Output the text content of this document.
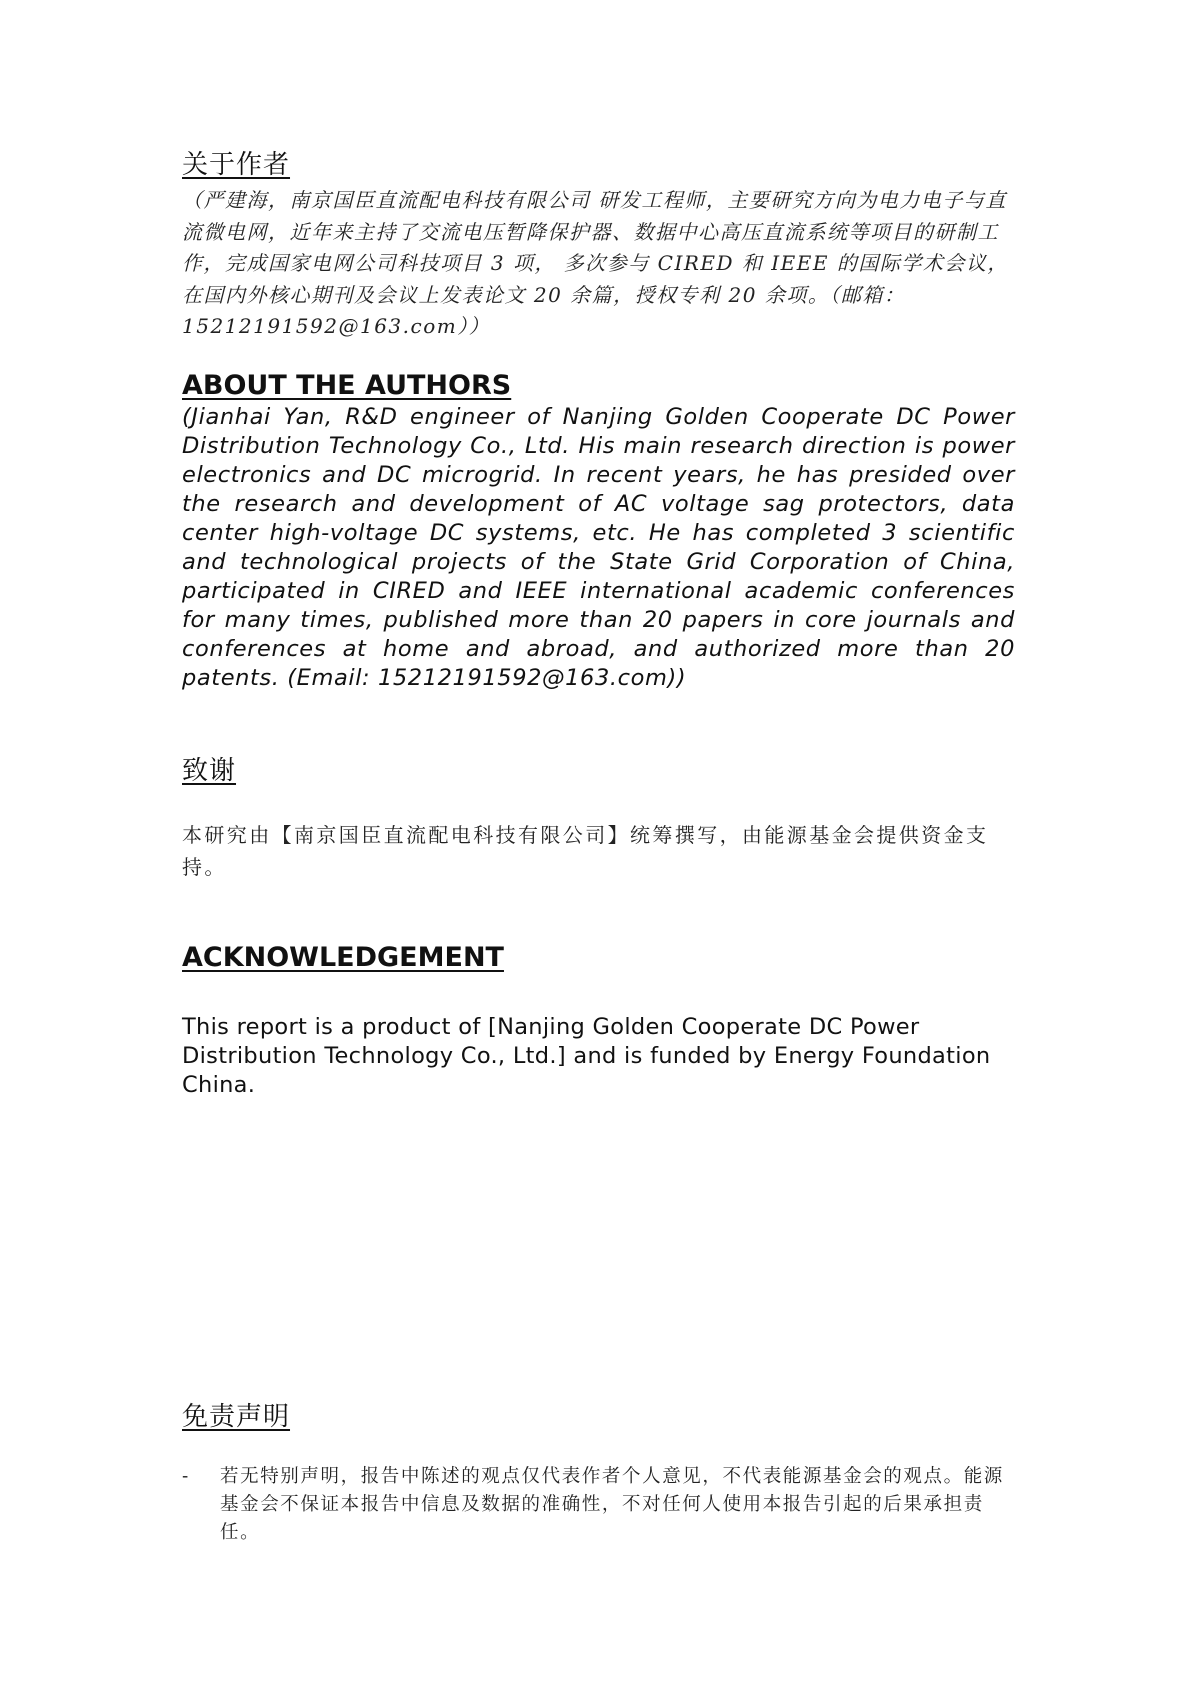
关于作者
（严建海，南京国臣直流配电科技有限公司 研发工程师，主要研究方向为电力电子与直流微电网，近年来主持了交流电压暂降保护器、数据中心高压直流系统等项目的研制工作，完成国家电网公司科技项目 3 项， 多次参与 CIRED 和 IEEE 的国际学术会议，在国内外核心期刊及会议上发表论文 20 余篇，授权专利 20 余项。（邮箱：15212191592@163.com））
ABOUT THE AUTHORS
(Jianhai Yan, R&D engineer of Nanjing Golden Cooperate DC Power Distribution Technology Co., Ltd. His main research direction is power electronics and DC microgrid. In recent years, he has presided over the research and development of AC voltage sag protectors, data center high-voltage DC systems, etc. He has completed 3 scientific and technological projects of the State Grid Corporation of China, participated in CIRED and IEEE international academic conferences for many times, published more than 20 papers in core journals and conferences at home and abroad, and authorized more than 20 patents. (Email: 15212191592@163.com))
致谢
本研究由【南京国臣直流配电科技有限公司】统筹撰写，由能源基金会提供资金支持。
ACKNOWLEDGEMENT
This report is a product of [Nanjing Golden Cooperate DC Power Distribution Technology Co., Ltd.] and is funded by Energy Foundation China.
免责声明
- 若无特别声明，报告中陈述的观点仅代表作者个人意见，不代表能源基金会的观点。能源基金会不保证本报告中信息及数据的准确性，不对任何人使用本报告引起的后果承担责任。
